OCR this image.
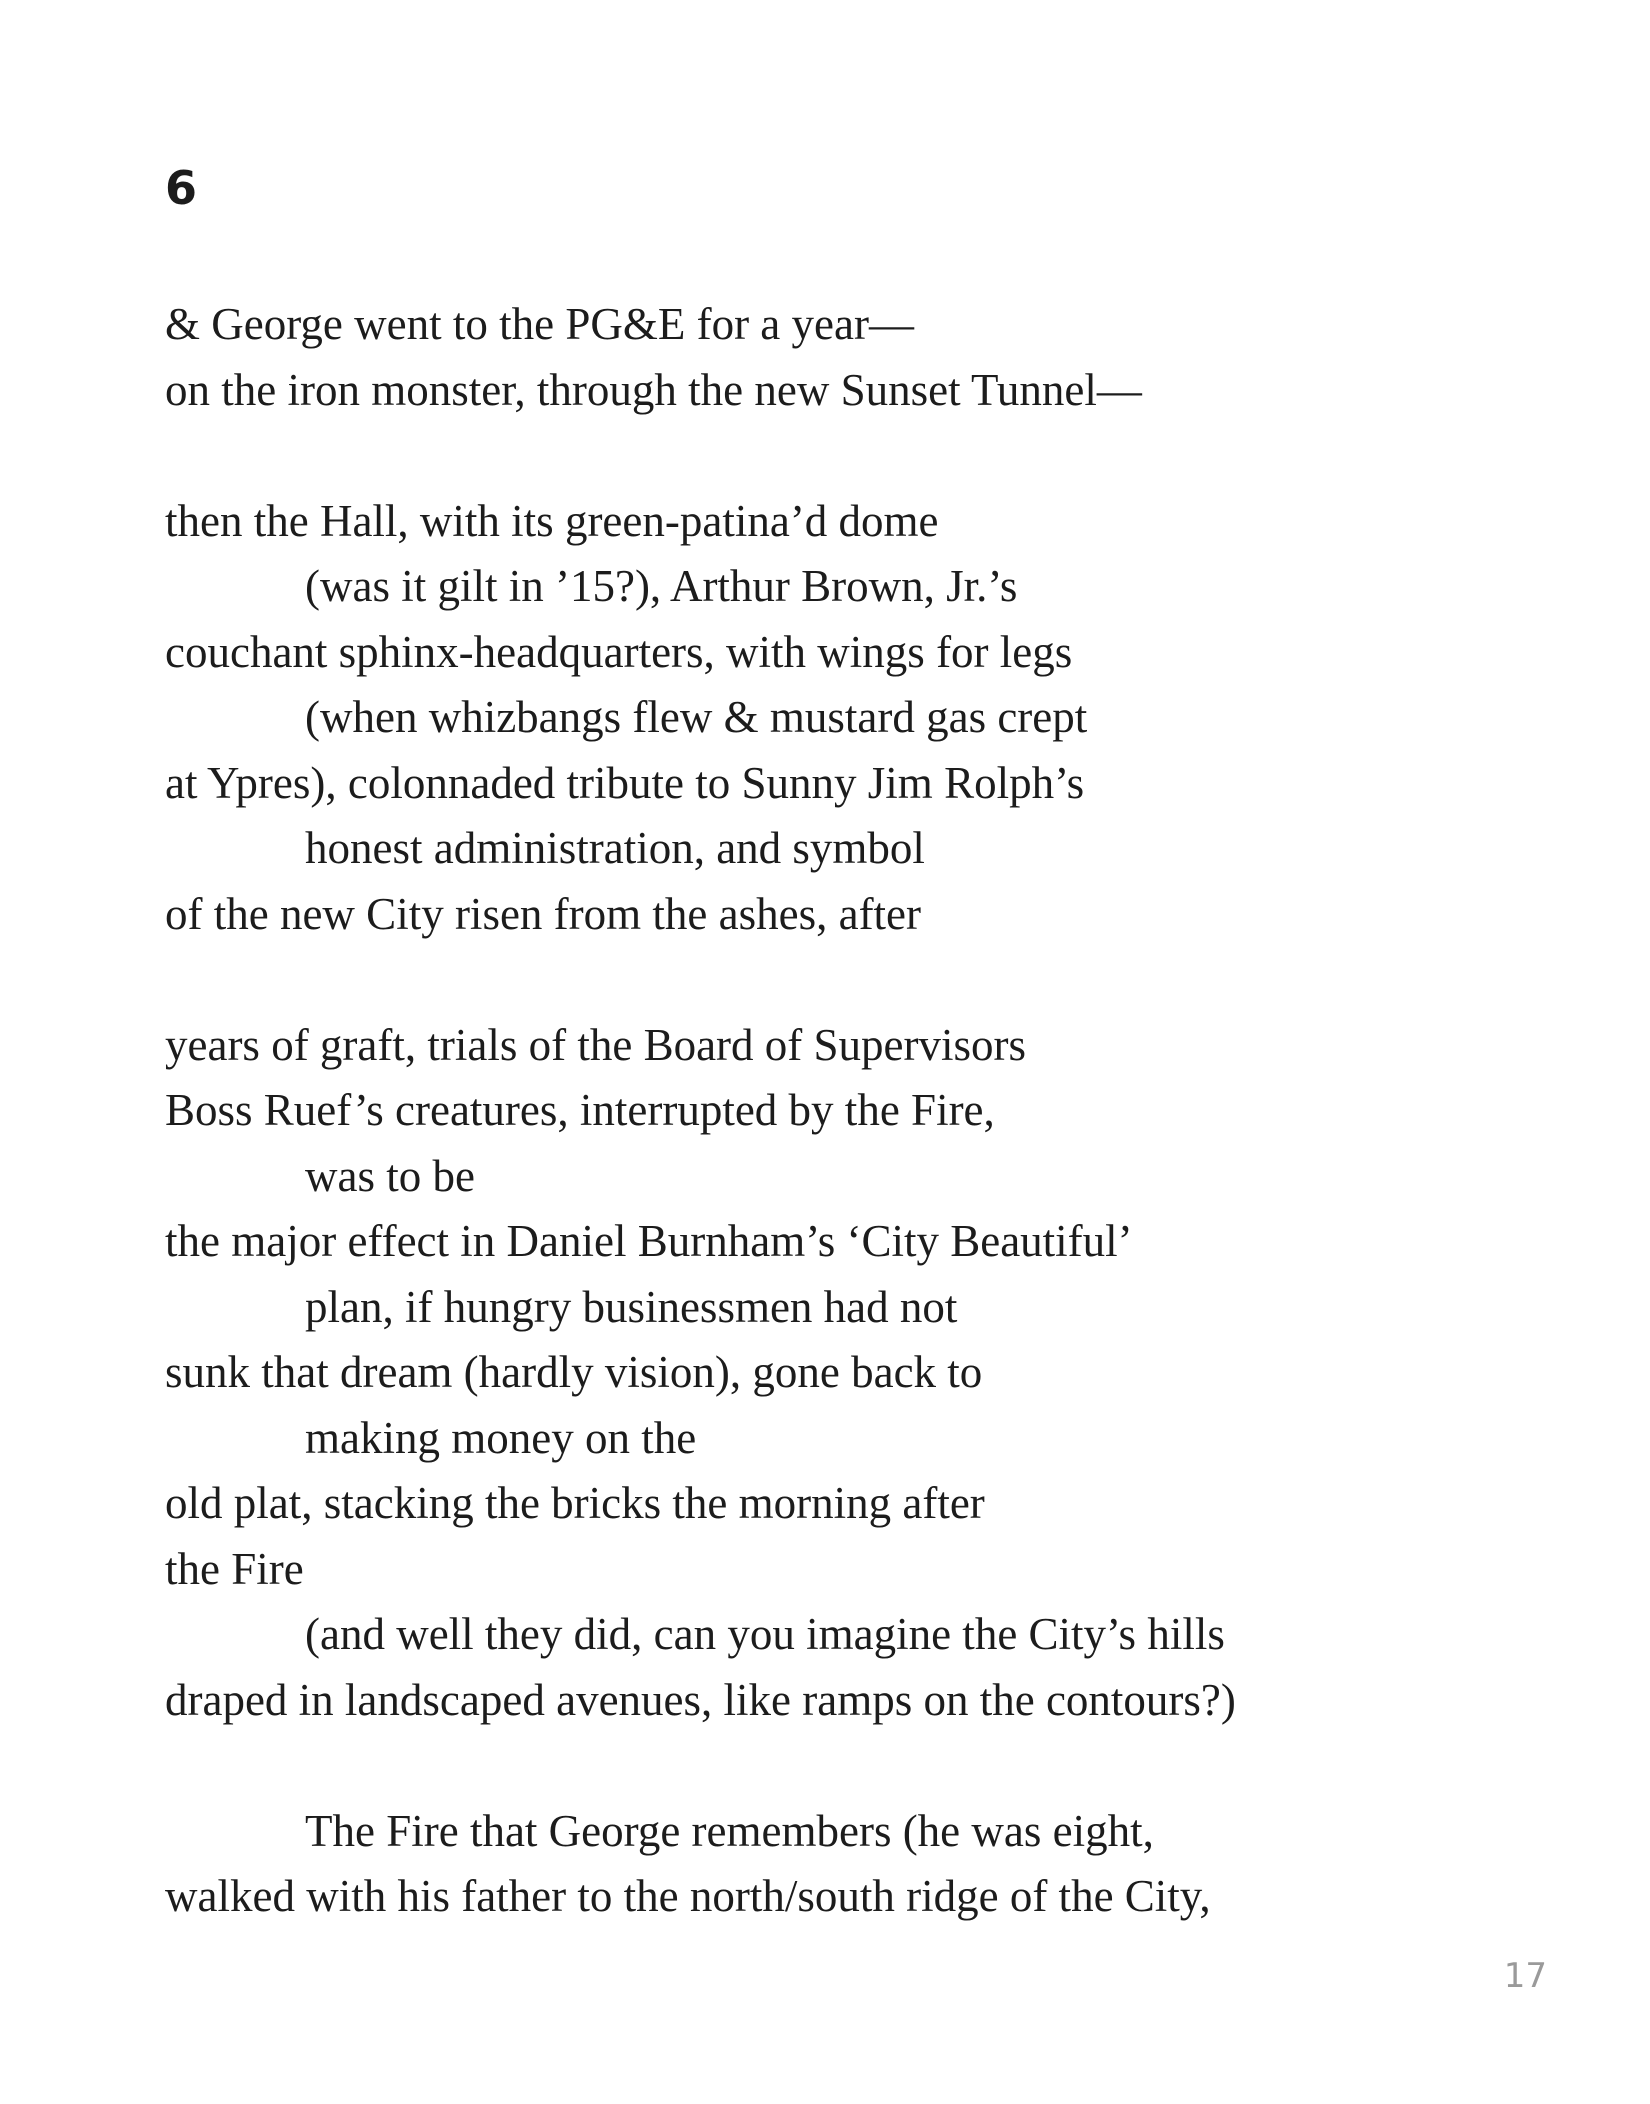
6
& George went to the PG&E for a year—
on the iron monster, through the new Sunset Tunnel—
then the Hall, with its green-patina’d dome
(was it gilt in ’15?), Arthur Brown, Jr.’s
couchant sphinx-headquarters, with wings for legs
(when whizbangs flew & mustard gas crept
at Ypres), colonnaded tribute to Sunny Jim Rolph’s
honest administration, and symbol
of the new City risen from the ashes, after
years of graft, trials of the Board of Supervisors
Boss Ruef’s creatures, interrupted by the Fire,
was to be
the major effect in Daniel Burnham’s ‘City Beautiful’
plan, if hungry businessmen had not
sunk that dream (hardly vision), gone back to
making money on the
old plat, stacking the bricks the morning after
the Fire
(and well they did, can you imagine the City’s hills
draped in landscaped avenues, like ramps on the contours?)
The Fire that George remembers (he was eight,
walked with his father to the north/south ridge of the City,
17
